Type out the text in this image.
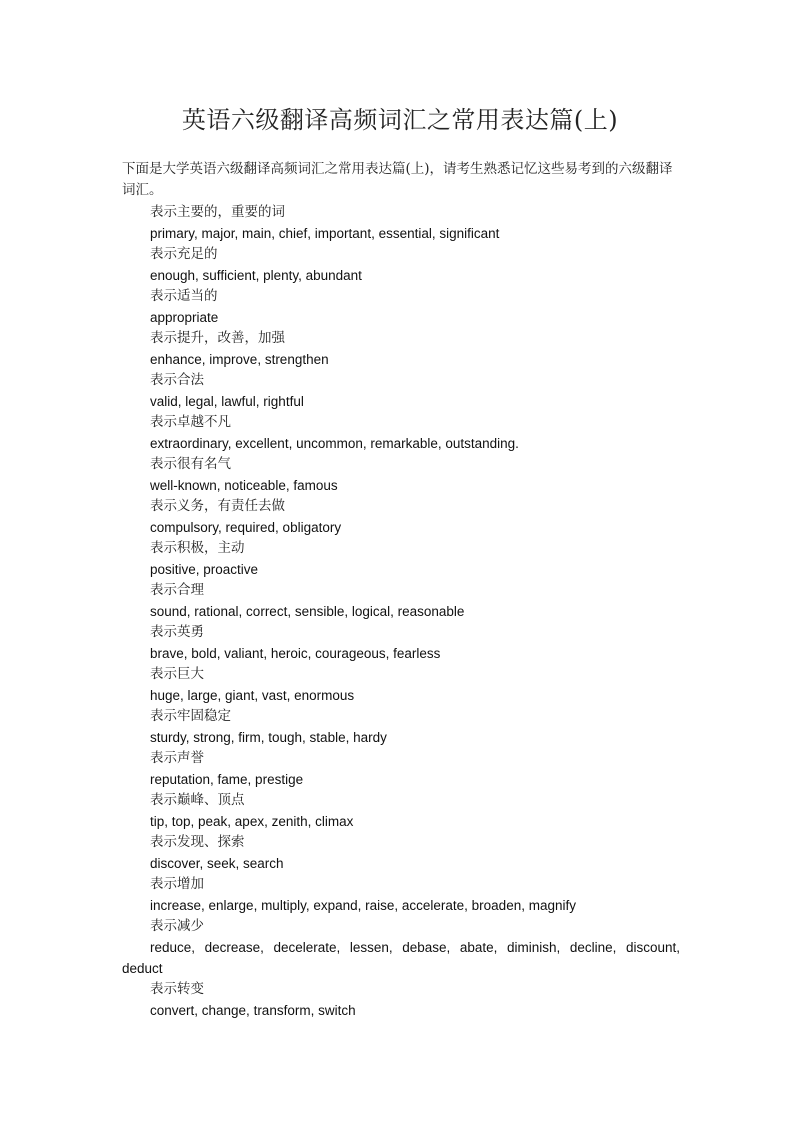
英语六级翻译高频词汇之常用表达篇(上)
下面是大学英语六级翻译高频词汇之常用表达篇(上)，请考生熟悉记忆这些易考到的六级翻译词汇。
表示主要的，重要的词
primary, major, main, chief, important, essential, significant
表示充足的
enough, sufficient, plenty, abundant
表示适当的
appropriate
表示提升，改善，加强
enhance, improve, strengthen
表示合法
valid, legal, lawful, rightful
表示卓越不凡
extraordinary, excellent, uncommon, remarkable, outstanding.
表示很有名气
well-known, noticeable, famous
表示义务，有责任去做
compulsory, required, obligatory
表示积极，主动
positive, proactive
表示合理
sound, rational, correct, sensible, logical, reasonable
表示英勇
brave, bold, valiant, heroic, courageous, fearless
表示巨大
huge, large, giant, vast, enormous
表示牢固稳定
sturdy, strong, firm, tough, stable, hardy
表示声誉
reputation, fame, prestige
表示巅峰、顶点
tip, top, peak, apex, zenith, climax
表示发现、探索
discover, seek, search
表示增加
increase, enlarge, multiply, expand, raise, accelerate, broaden, magnify
表示减少
reduce, decrease, decelerate, lessen, debase, abate, diminish, decline, discount,
deduct
表示转变
convert, change, transform, switch
